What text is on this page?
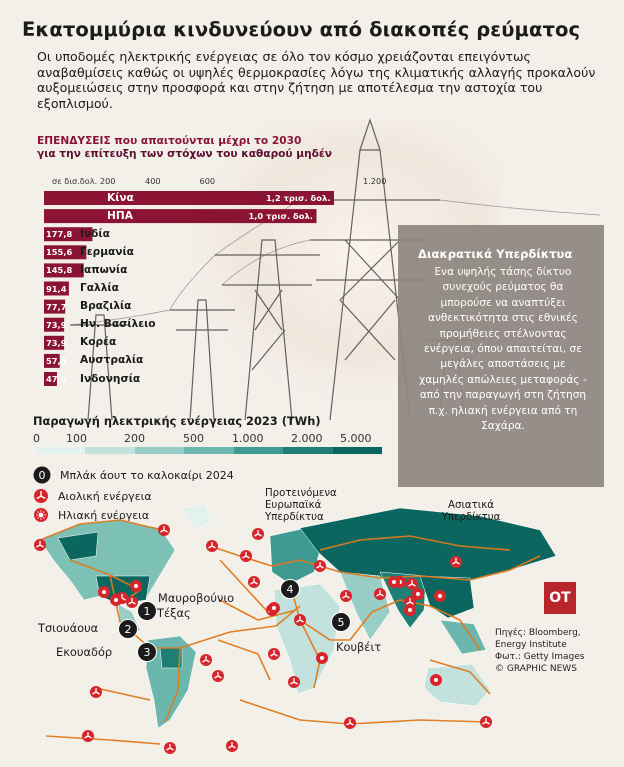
Εκατομμύρια κινδυνεύουν από διακοπές ρεύματος
Οι υποδομές ηλεκτρικής ενέργειας σε όλο τον κόσμο χρειάζονται επειγόντως αναβαθμίσεις καθώς οι υψηλές θερμοκρασίες λόγω της κλιματικής αλλαγής προκαλούν αυξομειώσεις στην προσφορά και στην ζήτηση με αποτέλεσμα την αστοχία του εξοπλισμού.
ΕΠΕΝΔΥΣΕΙΣ που απαιτούνται μέχρι το 2030
για την επίτευξη των στόχων του καθαρού μηδέν
σε δισ.δολ. 200	400	600	1.200
1,2 τρισ. δολ.
Κίνα
1,0 τρισ. δολ.
ΗΠΑ
177,8 Ινδία
155,6 Γερμανία
145,8 Ιαπωνία
91,4 Γαλλία
77,7 Βραζιλία
73,9 Ην. Βασίλειο
73,9 Κορέα
57,8 Αυστραλία
47,5 Ινδονησία
Παραγωγή ηλεκτρικής ενέργειας 2023 (TWh)
0 100	200	500	1.000	2.000 5.000
Διακρατικά Υπερδίκτυα
Ενα υψηλής τάσης δίκτυο συνεχούς ρεύματος θα μπορούσε να αναπτύξει ανθεκτικότητα στις εθνικές προμήθειες στέλνοντας ενέργεια, όπου απαιτείται, σε μεγάλες αποστάσεις με χαμηλές απώλειες μεταφοράς - από την παραγωγή στη ζήτηση π.χ. ηλιακή ενέργεια από τη Σαχάρα.
0 Μπλάκ άουτ το καλοκαίρι 2024
Αιολική ενέργεια
Ηλιακή ενέργεια
Προτεινόμενα Ευρωπαϊκά Υπερδίκτυα
Ασιατικά Υπερδίκτυα
1 Τέξας
2
Τσιουάουα
3
Εκουαδόρ
4
Μαυροβούνιο
5
Κουβέιτ
ΟΤ
Πηγές: Bloomberg,
Energy Institute
Φωτ.: Getty Images
© GRAPHIC NEWS
